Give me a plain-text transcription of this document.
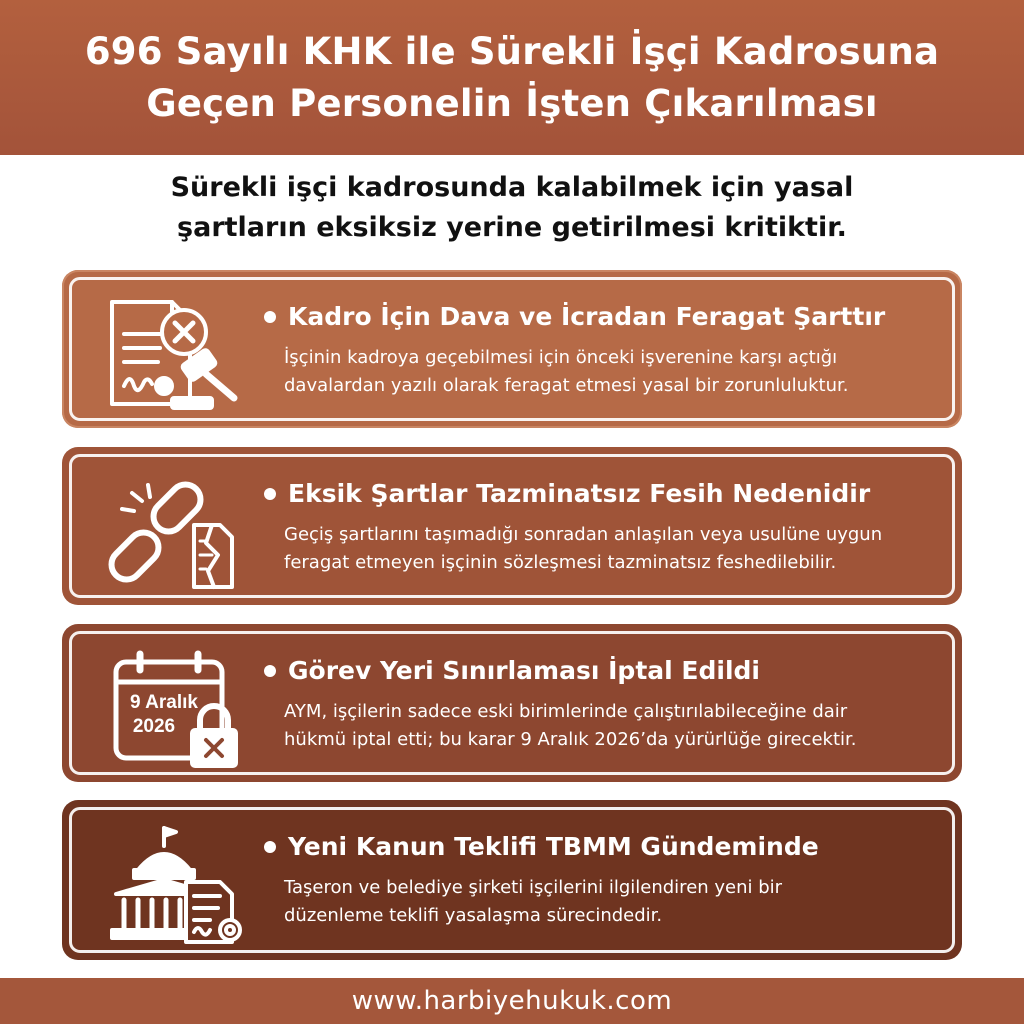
696 Sayılı KHK ile Sürekli İşçi Kadrosuna
Geçen Personelin İşten Çıkarılması
Sürekli işçi kadrosunda kalabilmek için yasal
şartların eksiksiz yerine getirilmesi kritiktir.
Kadro İçin Dava ve İcradan Feragat Şarttır
İşçinin kadroya geçebilmesi için önceki işverenine karşı açtığı
davalardan yazılı olarak feragat etmesi yasal bir zorunluluktur.
Eksik Şartlar Tazminatsız Fesih Nedenidir
Geçiş şartlarını taşımadığı sonradan anlaşılan veya usulüne uygun
feragat etmeyen işçinin sözleşmesi tazminatsız feshedilebilir.
9 Aralık
2026
Görev Yeri Sınırlaması İptal Edildi
AYM, işçilerin sadece eski birimlerinde çalıştırılabileceğine dair
hükmü iptal etti; bu karar 9 Aralık 2026’da yürürlüğe girecektir.
Yeni Kanun Teklifi TBMM Gündeminde
Taşeron ve belediye şirketi işçilerini ilgilendiren yeni bir
düzenleme teklifi yasalaşma sürecindedir.
www.harbiyehukuk.com
